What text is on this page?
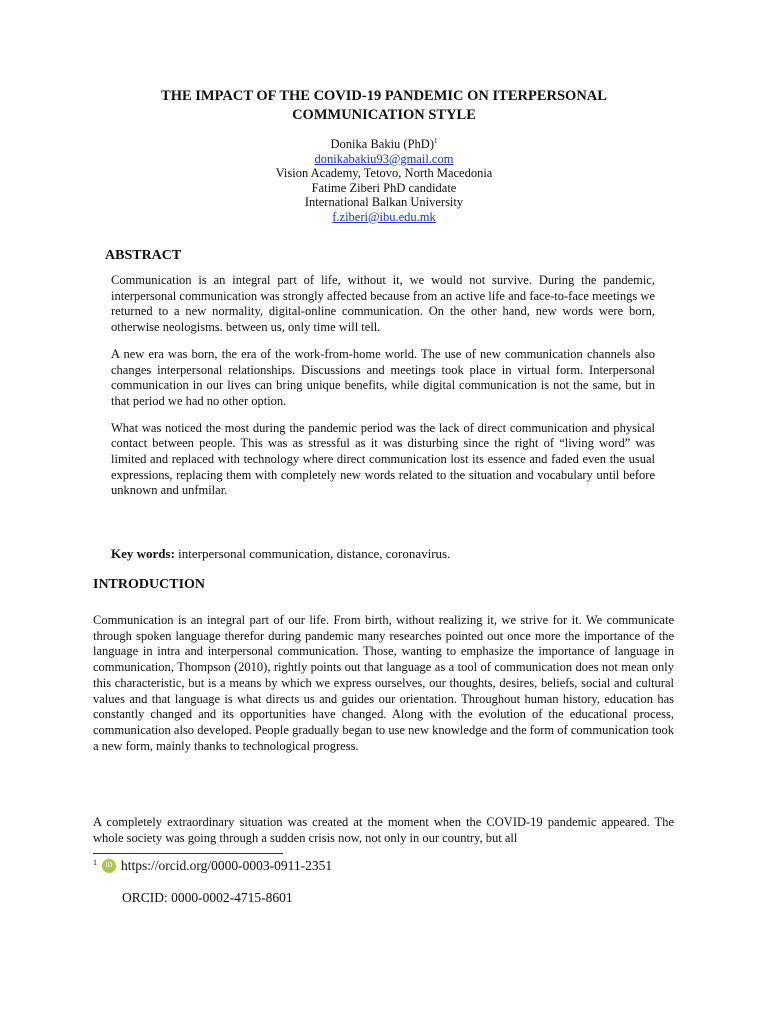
THE IMPACT OF THE COVID-19 PANDEMIC ON ITERPERSONAL
COMMUNICATION STYLE
Donika Bakiu (PhD)$^1$
donikabakiu93@gmail.com
Vision Academy, Tetovo, North Macedonia
Fatime Ziberi PhD candidate
International Balkan University
f.ziberi@ibu.edu.mk
ABSTRACT

Communication is an integral part of life, without it, we would not survive. During the pandemic, interpersonal communication was strongly affected because from an active life and face-to-face meetings we returned to a new normality, digital-online communication. On the other hand, new words were born, otherwise neologisms. between us, only time will tell.

A new era was born, the era of the work-from-home world. The use of new communication channels also changes interpersonal relationships. Discussions and meetings took place in virtual form. Interpersonal communication in our lives can bring unique benefits, while digital communication is not the same, but in that period we had no other option.

What was noticed the most during the pandemic period was the lack of direct communication and physical contact between people. This was as stressful as it was disturbing since the right of “living word” was limited and replaced with technology where direct communication lost its essence and faded even the usual expressions, replacing them with completely new words related to the situation and vocabulary until before unknown and unfmilar.

Key words: interpersonal communication, distance, coronavirus.
INTRODUCTION

Communication is an integral part of our life. From birth, without realizing it, we strive for it. We communicate through spoken language therefor during pandemic many researches pointed out once more the importance of the language in intra and interpersonal communication. Those, wanting to emphasize the importance of language in communication, Thompson (2010), rightly points out that language as a tool of communication does not mean only this characteristic, but is a means by which we express ourselves, our thoughts, desires, beliefs, social and cultural values and that language is what directs us and guides our orientation. Throughout human history, education has constantly changed and its opportunities have changed. Along with the evolution of the educational process, communication also developed. People gradually began to use new knowledge and the form of communication took a new form, mainly thanks to technological progress.

A completely extraordinary situation was created at the moment when the COVID-19 pandemic appeared. The whole society was going through a sudden crisis now, not only in our country, but all
1	iD https://orcid.org/0000-0003-0911-2351
ORCID: 0000-0002-4715-8601
